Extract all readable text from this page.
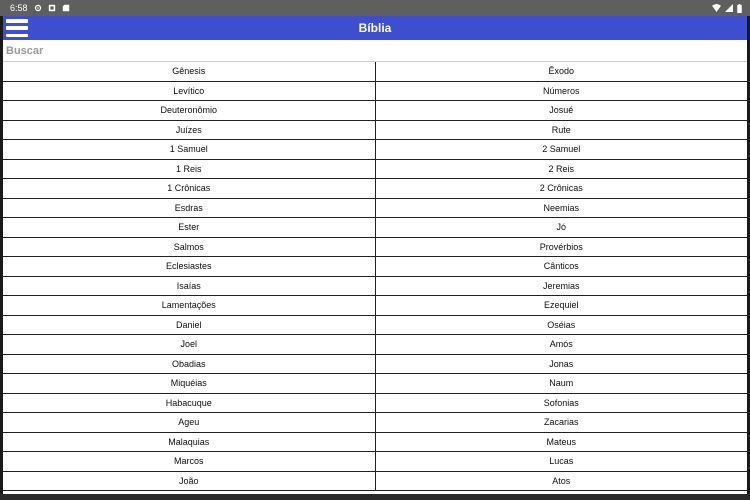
6:58
Bíblia
Buscar
Gênesis	Êxodo
Levítico	Números
Deuteronômio	Josué
Juízes	Rute
1 Samuel	2 Samuel
1 Reis	2 Reis
1 Crônicas	2 Crônicas
Esdras	Neemias
Ester	Jó
Salmos	Provérbios
Eclesiastes	Cânticos
Isaías	Jeremias
Lamentações	Ezequiel
Daniel	Oséias
Joel	Amós
Obadias	Jonas
Miquéias	Naum
Habacuque	Sofonias
Ageu	Zacarias
Malaquias	Mateus
Marcos	Lucas
João	Atos
